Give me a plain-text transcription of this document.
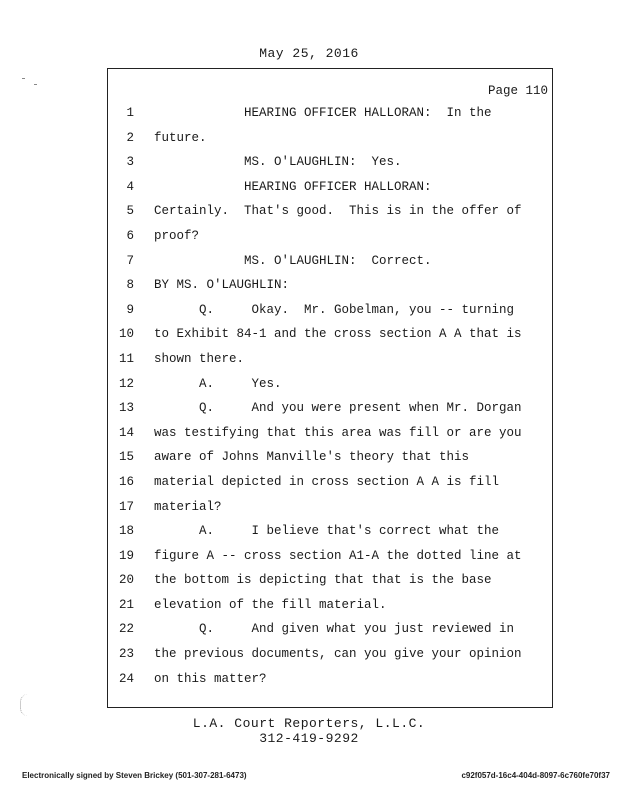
May 25, 2016
Page 110
1 HEARING OFFICER HALLORAN:  In the
2 future.
3 MS. O'LAUGHLIN:  Yes.
4 HEARING OFFICER HALLORAN:
5 Certainly.  That's good.  This is in the offer of
6 proof?
7 MS. O'LAUGHLIN:  Correct.
8 BY MS. O'LAUGHLIN:
9 Q.     Okay.  Mr. Gobelman, you -- turning
10 to Exhibit 84-1 and the cross section A A that is
11 shown there.
12 A.     Yes.
13 Q.     And you were present when Mr. Dorgan
14 was testifying that this area was fill or are you
15 aware of Johns Manville's theory that this
16 material depicted in cross section A A is fill
17 material?
18 A.     I believe that's correct what the
19 figure A -- cross section A1-A the dotted line at
20 the bottom is depicting that that is the base
21 elevation of the fill material.
22 Q.     And given what you just reviewed in
23 the previous documents, can you give your opinion
24 on this matter?
L.A. Court Reporters, L.L.C.
312-419-9292
Electronically signed by Steven Brickey (501-307-281-6473)	c92f057d-16c4-404d-8097-6c760fe70f37
